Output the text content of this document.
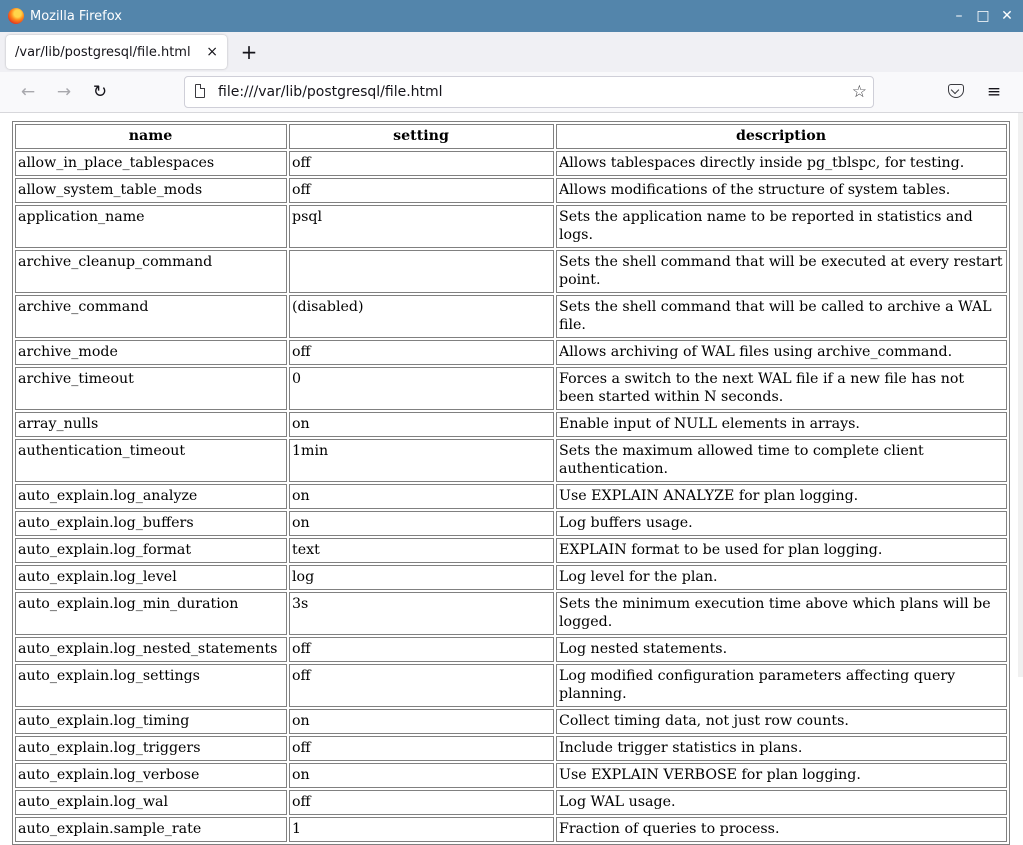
Mozilla Firefox	– □ ✕
/var/lib/postgresql/file.html × +
←	→	↻	file:///var/lib/postgresql/file.html	☆	≡
name	setting	description
allow_in_place_tablespaces	off	Allows tablespaces directly inside pg_tblspc, for testing.
allow_system_table_mods	off	Allows modifications of the structure of system tables.
application_name	psql	Sets the application name to be reported in statistics and logs.
archive_cleanup_command		Sets the shell command that will be executed at every restart point.
archive_command	(disabled)	Sets the shell command that will be called to archive a WAL file.
archive_mode	off	Allows archiving of WAL files using archive_command.
archive_timeout	0	Forces a switch to the next WAL file if a new file has not been started within N seconds.
array_nulls	on	Enable input of NULL elements in arrays.
authentication_timeout	1min	Sets the maximum allowed time to complete client authentication.
auto_explain.log_analyze	on	Use EXPLAIN ANALYZE for plan logging.
auto_explain.log_buffers	on	Log buffers usage.
auto_explain.log_format	text	EXPLAIN format to be used for plan logging.
auto_explain.log_level	log	Log level for the plan.
auto_explain.log_min_duration	3s	Sets the minimum execution time above which plans will be logged.
auto_explain.log_nested_statements	off	Log nested statements.
auto_explain.log_settings	off	Log modified configuration parameters affecting query planning.
auto_explain.log_timing	on	Collect timing data, not just row counts.
auto_explain.log_triggers	off	Include trigger statistics in plans.
auto_explain.log_verbose	on	Use EXPLAIN VERBOSE for plan logging.
auto_explain.log_wal	off	Log WAL usage.
auto_explain.sample_rate	1	Fraction of queries to process.
